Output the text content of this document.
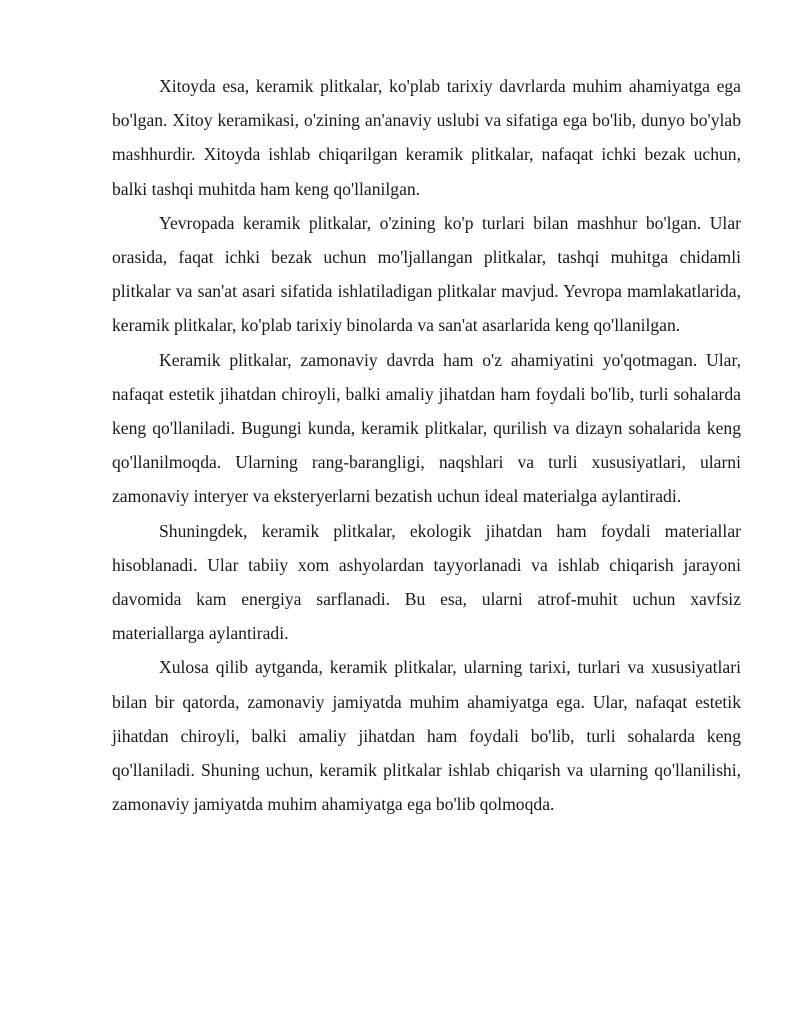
Xitoyda esa, keramik plitkalar, ko'plab tarixiy davrlarda muhim ahamiyatga ega bo'lgan. Xitoy keramikasi, o'zining an'anaviy uslubi va sifatiga ega bo'lib, dunyo bo'ylab mashhurdir. Xitoyda ishlab chiqarilgan keramik plitkalar, nafaqat ichki bezak uchun, balki tashqi muhitda ham keng qo'llanilgan.

Yevropada keramik plitkalar, o'zining ko'p turlari bilan mashhur bo'lgan. Ular orasida, faqat ichki bezak uchun mo'ljallangan plitkalar, tashqi muhitga chidamli plitkalar va san'at asari sifatida ishlatiladigan plitkalar mavjud. Yevropa mamlakatlarida, keramik plitkalar, ko'plab tarixiy binolarda va san'at asarlarida keng qo'llanilgan.

Keramik plitkalar, zamonaviy davrda ham o'z ahamiyatini yo'qotmagan. Ular, nafaqat estetik jihatdan chiroyli, balki amaliy jihatdan ham foydali bo'lib, turli sohalarda keng qo'llaniladi. Bugungi kunda, keramik plitkalar, qurilish va dizayn sohalarida keng qo'llanilmoqda. Ularning rang-barangligi, naqshlari va turli xususiyatlari, ularni zamonaviy interyer va eksteryerlarni bezatish uchun ideal materialga aylantiradi.

Shuningdek, keramik plitkalar, ekologik jihatdan ham foydali materiallar hisoblanadi. Ular tabiiy xom ashyolardan tayyorlanadi va ishlab chiqarish jarayoni davomida kam energiya sarflanadi. Bu esa, ularni atrof-muhit uchun xavfsiz materiallarga aylantiradi.

Xulosa qilib aytganda, keramik plitkalar, ularning tarixi, turlari va xususiyatlari bilan bir qatorda, zamonaviy jamiyatda muhim ahamiyatga ega. Ular, nafaqat estetik jihatdan chiroyli, balki amaliy jihatdan ham foydali bo'lib, turli sohalarda keng qo'llaniladi. Shuning uchun, keramik plitkalar ishlab chiqarish va ularning qo'llanilishi, zamonaviy jamiyatda muhim ahamiyatga ega bo'lib qolmoqda.
